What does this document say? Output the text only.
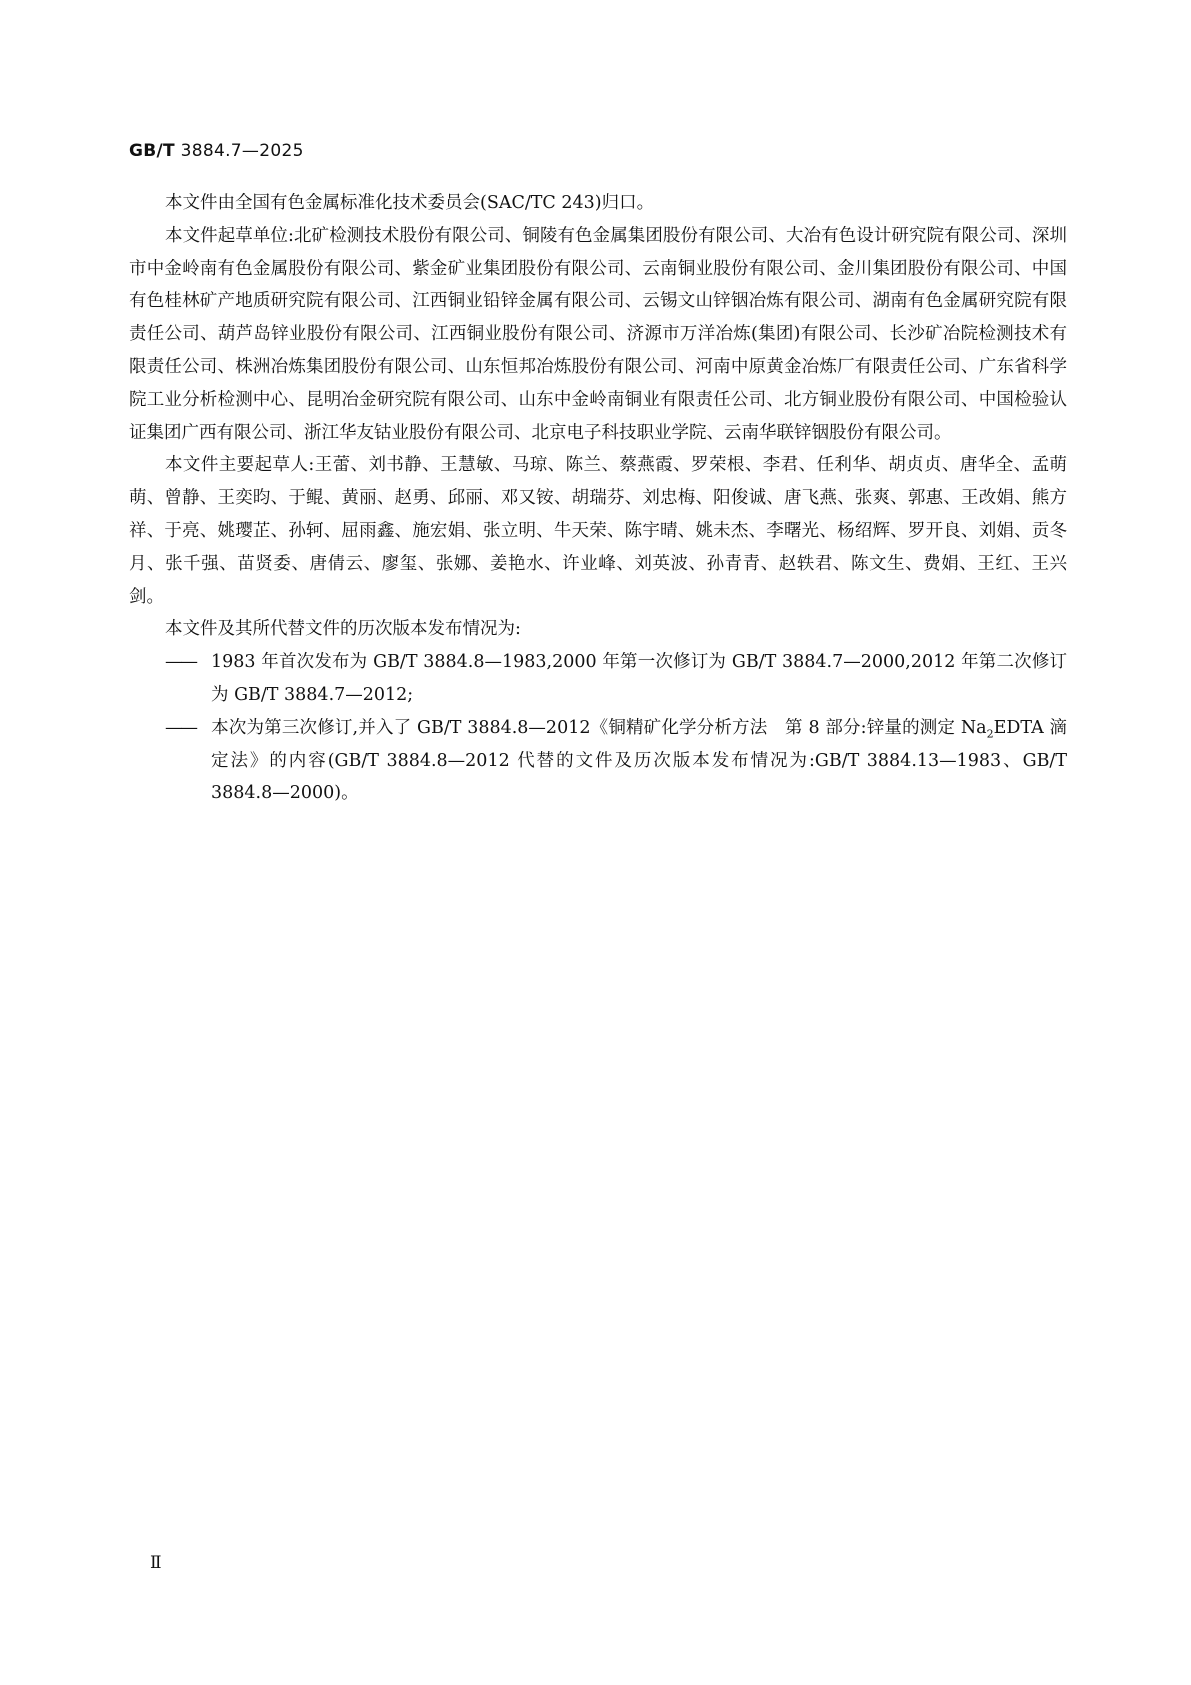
GB/T 3884.7—2025

本文件由全国有色金属标准化技术委员会(SAC/TC 243)归口。

本文件起草单位:北矿检测技术股份有限公司、铜陵有色金属集团股份有限公司、大冶有色设计研究院有限公司、深圳市中金岭南有色金属股份有限公司、紫金矿业集团股份有限公司、云南铜业股份有限公司、金川集团股份有限公司、中国有色桂林矿产地质研究院有限公司、江西铜业铅锌金属有限公司、云锡文山锌铟冶炼有限公司、湖南有色金属研究院有限责任公司、葫芦岛锌业股份有限公司、江西铜业股份有限公司、济源市万洋冶炼(集团)有限公司、长沙矿冶院检测技术有限责任公司、株洲冶炼集团股份有限公司、山东恒邦冶炼股份有限公司、河南中原黄金冶炼厂有限责任公司、广东省科学院工业分析检测中心、昆明冶金研究院有限公司、山东中金岭南铜业有限责任公司、北方铜业股份有限公司、中国检验认证集团广西有限公司、浙江华友钴业股份有限公司、北京电子科技职业学院、云南华联锌铟股份有限公司。

本文件主要起草人:王蕾、刘书静、王慧敏、马琼、陈兰、蔡燕霞、罗荣根、李君、任利华、胡贞贞、唐华全、孟萌萌、曾静、王奕昀、于鲲、黄丽、赵勇、邱丽、邓又铵、胡瑞芬、刘忠梅、阳俊诚、唐飞燕、张爽、郭惠、王改娟、熊方祥、于亮、姚璎芷、孙轲、屈雨鑫、施宏娟、张立明、牛天荣、陈宇晴、姚未杰、李曙光、杨绍辉、罗开良、刘娟、贡冬月、张千强、苗贤委、唐倩云、廖玺、张娜、姜艳水、许业峰、刘英波、孙青青、赵轶君、陈文生、费娟、王红、王兴剑。

本文件及其所代替文件的历次版本发布情况为:

—— 1983 年首次发布为 GB/T 3884.8—1983,2000 年第一次修订为 GB/T 3884.7—2000,2012 年第二次修订为 GB/T 3884.7—2012;

—— 本次为第三次修订,并入了 GB/T 3884.8—2012《铜精矿化学分析方法　第 8 部分:锌量的测定 $Na_2EDTA$ 滴定法》的内容(GB/T 3884.8—2012 代替的文件及历次版本发布情况为:GB/T 3884.13—1983、GB/T 3884.8—2000)。

Ⅱ
